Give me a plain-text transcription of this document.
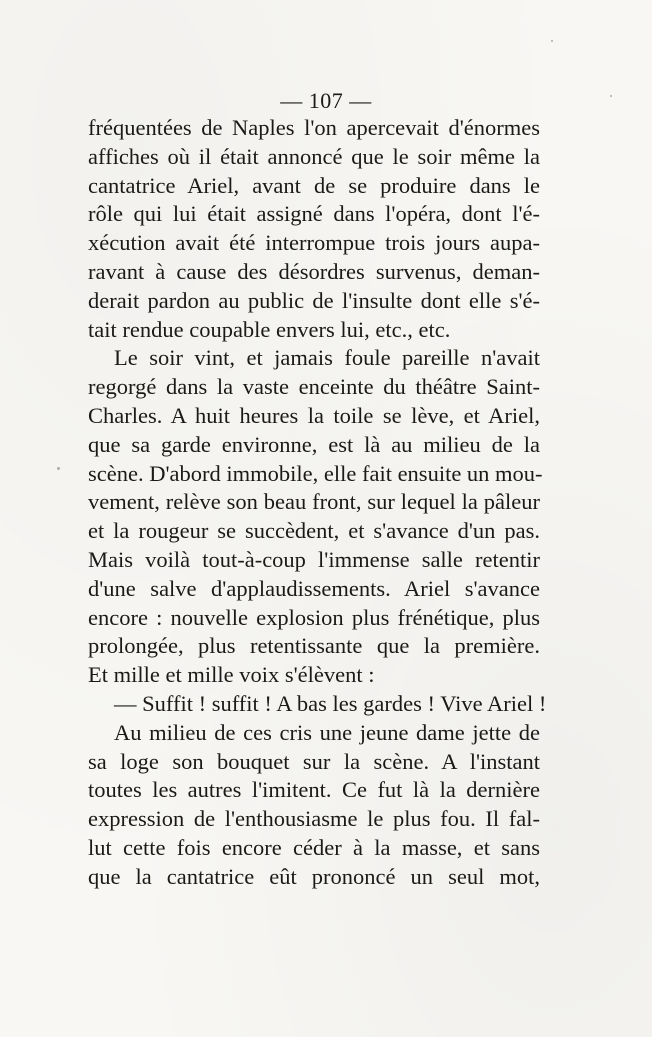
— 107 —
fréquentées de Naples l'on apercevait d'énormes
affiches où il était annoncé que le soir même la
cantatrice Ariel, avant de se produire dans le
rôle qui lui était assigné dans l'opéra, dont l'é-
xécution avait été interrompue trois jours aupa-
ravant à cause des désordres survenus, deman-
derait pardon au public de l'insulte dont elle s'é-
tait rendue coupable envers lui, etc., etc.
Le soir vint, et jamais foule pareille n'avait
regorgé dans la vaste enceinte du théâtre Saint-
Charles. A huit heures la toile se lève, et Ariel,
que sa garde environne, est là au milieu de la
scène. D'abord immobile, elle fait ensuite un mou-
vement, relève son beau front, sur lequel la pâleur
et la rougeur se succèdent, et s'avance d'un pas.
Mais voilà tout-à-coup l'immense salle retentir
d'une salve d'applaudissements. Ariel s'avance
encore : nouvelle explosion plus frénétique, plus
prolongée, plus retentissante que la première.
Et mille et mille voix s'élèvent :
— Suffit ! suffit ! A bas les gardes ! Vive Ariel !
Au milieu de ces cris une jeune dame jette de
sa loge son bouquet sur la scène. A l'instant
toutes les autres l'imitent. Ce fut là la dernière
expression de l'enthousiasme le plus fou. Il fal-
lut cette fois encore céder à la masse, et sans
que la cantatrice eût prononcé un seul mot,
